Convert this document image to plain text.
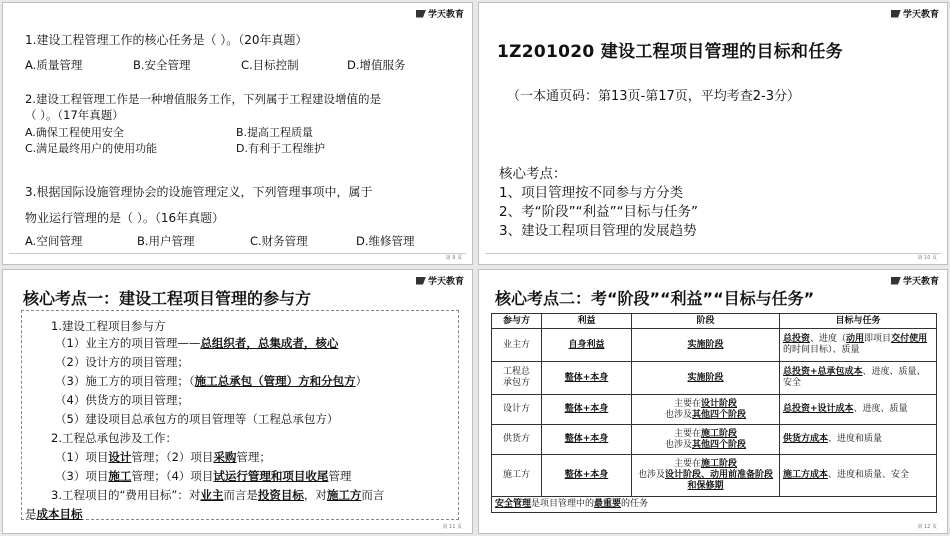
学天教育
1.建设工程管理工作的核心任务是（ ）。（20年真题）
A.质量管理	B.安全管理	C.目标控制	D.增值服务
2.建设工程管理工作是一种增值服务工作，下列属于工程建设增值的是
（ ）。（17年真题）
A.确保工程使用安全	B.提高工程质量
C.满足最终用户的使用功能	D.有利于工程维护
3.根据国际设施管理协会的设施管理定义，下列管理事项中，属于
物业运行管理的是（ ）。（16年真题）
A.空间管理	B.用户管理	C.财务管理	D.维修管理
第 9 页
学天教育
1Z201020 建设工程项目管理的目标和任务
（一本通页码：第13页-第17页，平均考查2-3分）
核心考点：
1、项目管理按不同参与方分类
2、考“阶段”“利益”“目标与任务”
3、建设工程项目管理的发展趋势
第 10 页
学天教育
核心考点一：建设工程项目管理的参与方
1.建设工程项目参与方
（1）业主方的项目管理——总组织者，总集成者，核心
（2）设计方的项目管理；
（3）施工方的项目管理；（施工总承包（管理）方和分包方）
（4）供货方的项目管理；
（5）建设项目总承包方的项目管理等（工程总承包方）
2.工程总承包涉及工作：
（1）项目设计管理；（2）项目采购管理；
（3）项目施工管理；（4）项目试运行管理和项目收尾管理
3.工程项目的“费用目标”：对业主而言是投资目标，对施工方而言
是成本目标
第 11 页
学天教育
核心考点二：考“阶段”“利益”“目标与任务”
参与方	利益	阶段	目标与任务
业主方	自身利益	实施阶段	总投资、进度（动用即项目交付使用的时间目标）、质量

工程总承包方	整体+本身	实施阶段	总投资+总承包成本、进度、质量、安全
设计方	整体+本身	主要在设计阶段
也涉及其他四个阶段	总投资+设计成本、进度、质量
供货方	整体+本身	主要在施工阶段
也涉及其他四个阶段	供货方成本、进度和质量
施工方	整体+本身	主要在施工阶段
也涉及设计阶段、动用前准备阶段和保修期	施工方成本、进度和质量、安全
安全管理是项目管理中的最重要的任务			
第 12 页
